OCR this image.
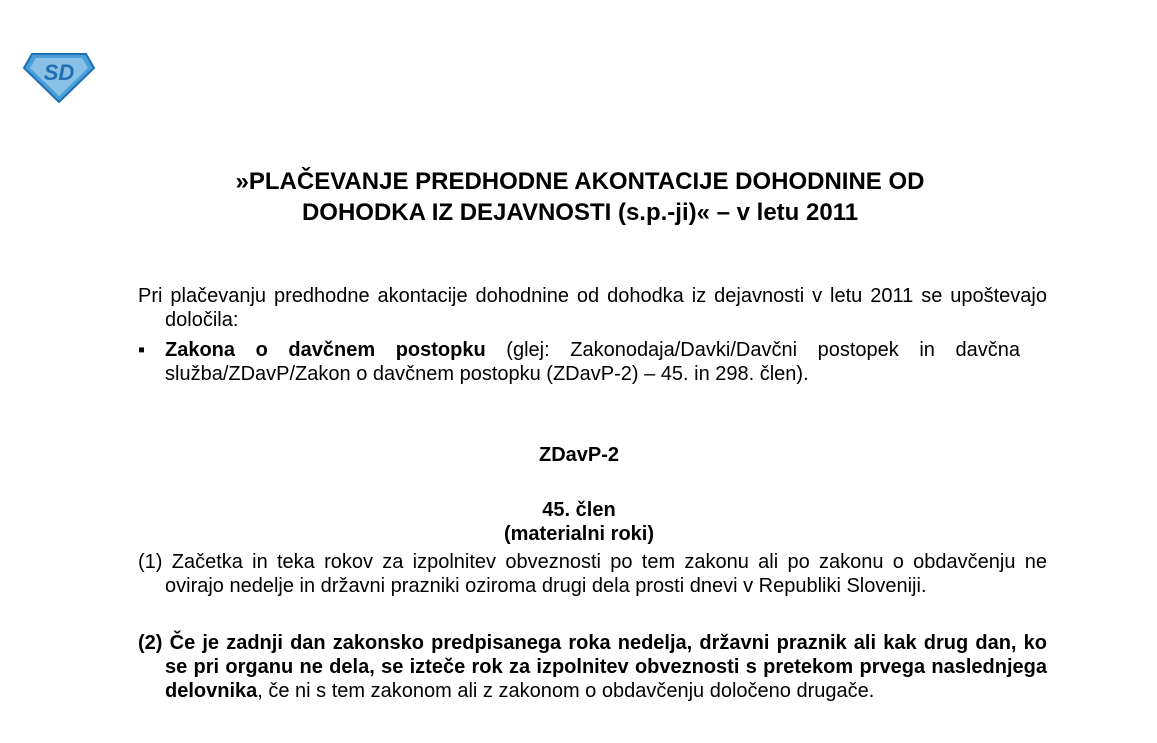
SD
»PLAČEVANJE PREDHODNE AKONTACIJE DOHODNINE OD
DOHODKA IZ DEJAVNOSTI (s.p.-ji)« – v letu 2011
Pri plačevanju predhodne akontacije dohodnine od dohodka iz dejavnosti v letu 2011 se upoštevajo določila:
▪ Zakona o davčnem postopku (glej: Zakonodaja/Davki/Davčni postopek in davčna služba/ZDavP/Zakon o davčnem postopku (ZDavP-2) – 45. in 298. člen).
ZDavP-2
45. člen
(materialni roki)
(1) Začetka in teka rokov za izpolnitev obveznosti po tem zakonu ali po zakonu o obdavčenju ne ovirajo nedelje in državni prazniki oziroma drugi dela prosti dnevi v Republiki Sloveniji.
(2) Če je zadnji dan zakonsko predpisanega roka nedelja, državni praznik ali kak drug dan, ko se pri organu ne dela, se izteče rok za izpolnitev obveznosti s pretekom prvega naslednjega delovnika, če ni s tem zakonom ali z zakonom o obdavčenju določeno drugače.
